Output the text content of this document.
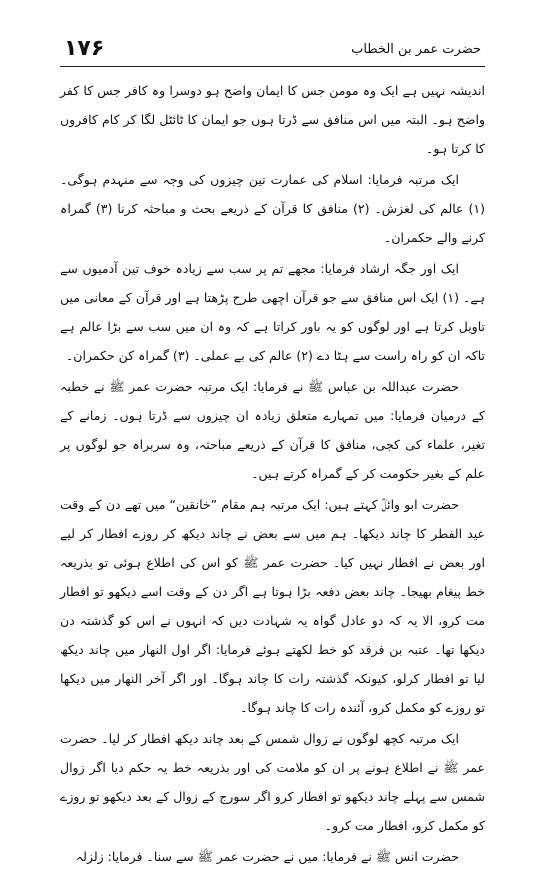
۱۷۶	حضرت عمر بن الخطاب

اندیشہ نہیں ہے ایک وہ مومن جس کا ایمان واضح ہو دوسرا وہ کافر جس کا کفر واضح ہو۔ البتہ میں اس منافق سے ڈرتا ہوں جو ایمان کا ٹائٹل لگا کر کام کافروں کا کرتا ہو۔

ایک مرتبہ فرمایا: اسلام کی عمارت تین چیزوں کی وجہ سے منہدم ہوگی۔ (۱) عالم کی لغزش۔ (۲) منافق کا قرآن کے ذریعے بحث و مباحثہ کرنا (۳) گمراہ کرنے والے حکمران۔

ایک اور جگہ ارشاد فرمایا: مجھے تم پر سب سے زیادہ خوف تین آدمیوں سے ہے۔ (۱) ایک اس منافق سے جو قرآن اچھی طرح پڑھتا ہے اور قرآن کے معانی میں تاویل کرتا ہے اور لوگوں کو یہ باور کراتا ہے کہ وہ ان میں سب سے بڑا عالم ہے تاکہ ان کو راہ راست سے ہٹا دے (۲) عالم کی بے عملی۔ (۳) گمراہ کن حکمران۔

حضرت عبداللہ بن عباس ﷺ نے فرمایا: ایک مرتبہ حضرت عمر ﷺ نے خطبہ کے درمیان فرمایا: میں تمہارے متعلق زیادہ ان چیزوں سے ڈرتا ہوں۔ زمانے کے تغیر، علماء کی کجی، منافق کا قرآن کے ذریعے مباحثہ، وہ سربراہ جو لوگوں پر علم کے بغیر حکومت کر کے گمراہ کرتے ہیں۔

حضرت ابو وائلؒ کہتے ہیں: ایک مرتبہ ہم مقام ”خانقین“ میں تھے دن کے وقت عید الفطر کا چاند دیکھا۔ ہم میں سے بعض نے چاند دیکھ کر روزے افطار کر لیے اور بعض نے افطار نہیں کیا۔ حضرت عمر ﷺ کو اس کی اطلاع ہوئی تو بذریعہ خط پیغام بھیجا۔ چاند بعض دفعہ بڑا ہوتا ہے اگر دن کے وقت اسے دیکھو تو افطار مت کرو، الا یہ کہ دو عادل گواہ یہ شہادت دیں کہ انہوں نے اس کو گذشتہ دن دیکھا تھا۔ عتبہ بن فرقد کو خط لکھتے ہوئے فرمایا: اگر اول النھار میں چاند دیکھ لیا تو افطار کرلو، کیونکہ گذشتہ رات کا چاند ہوگا۔ اور اگر آخر النھار میں دیکھا تو روزے کو مکمل کرو، آئندہ رات کا چاند ہوگا۔

ایک مرتبہ کچھ لوگوں نے زوال شمس کے بعد چاند دیکھ افطار کر لیا۔ حضرت عمر ﷺ نے اطلاع ہونے پر ان کو ملامت کی اور بذریعہ خط یہ حکم دیا اگر زوال شمس سے پہلے چاند دیکھو تو افطار کرو اگر سورج کے زوال کے بعد دیکھو تو روزے کو مکمل کرو، افطار مت کرو۔

حضرت انس ﷺ نے فرمایا: میں نے حضرت عمر ﷺ سے سنا۔ فرمایا: زلزلہ
